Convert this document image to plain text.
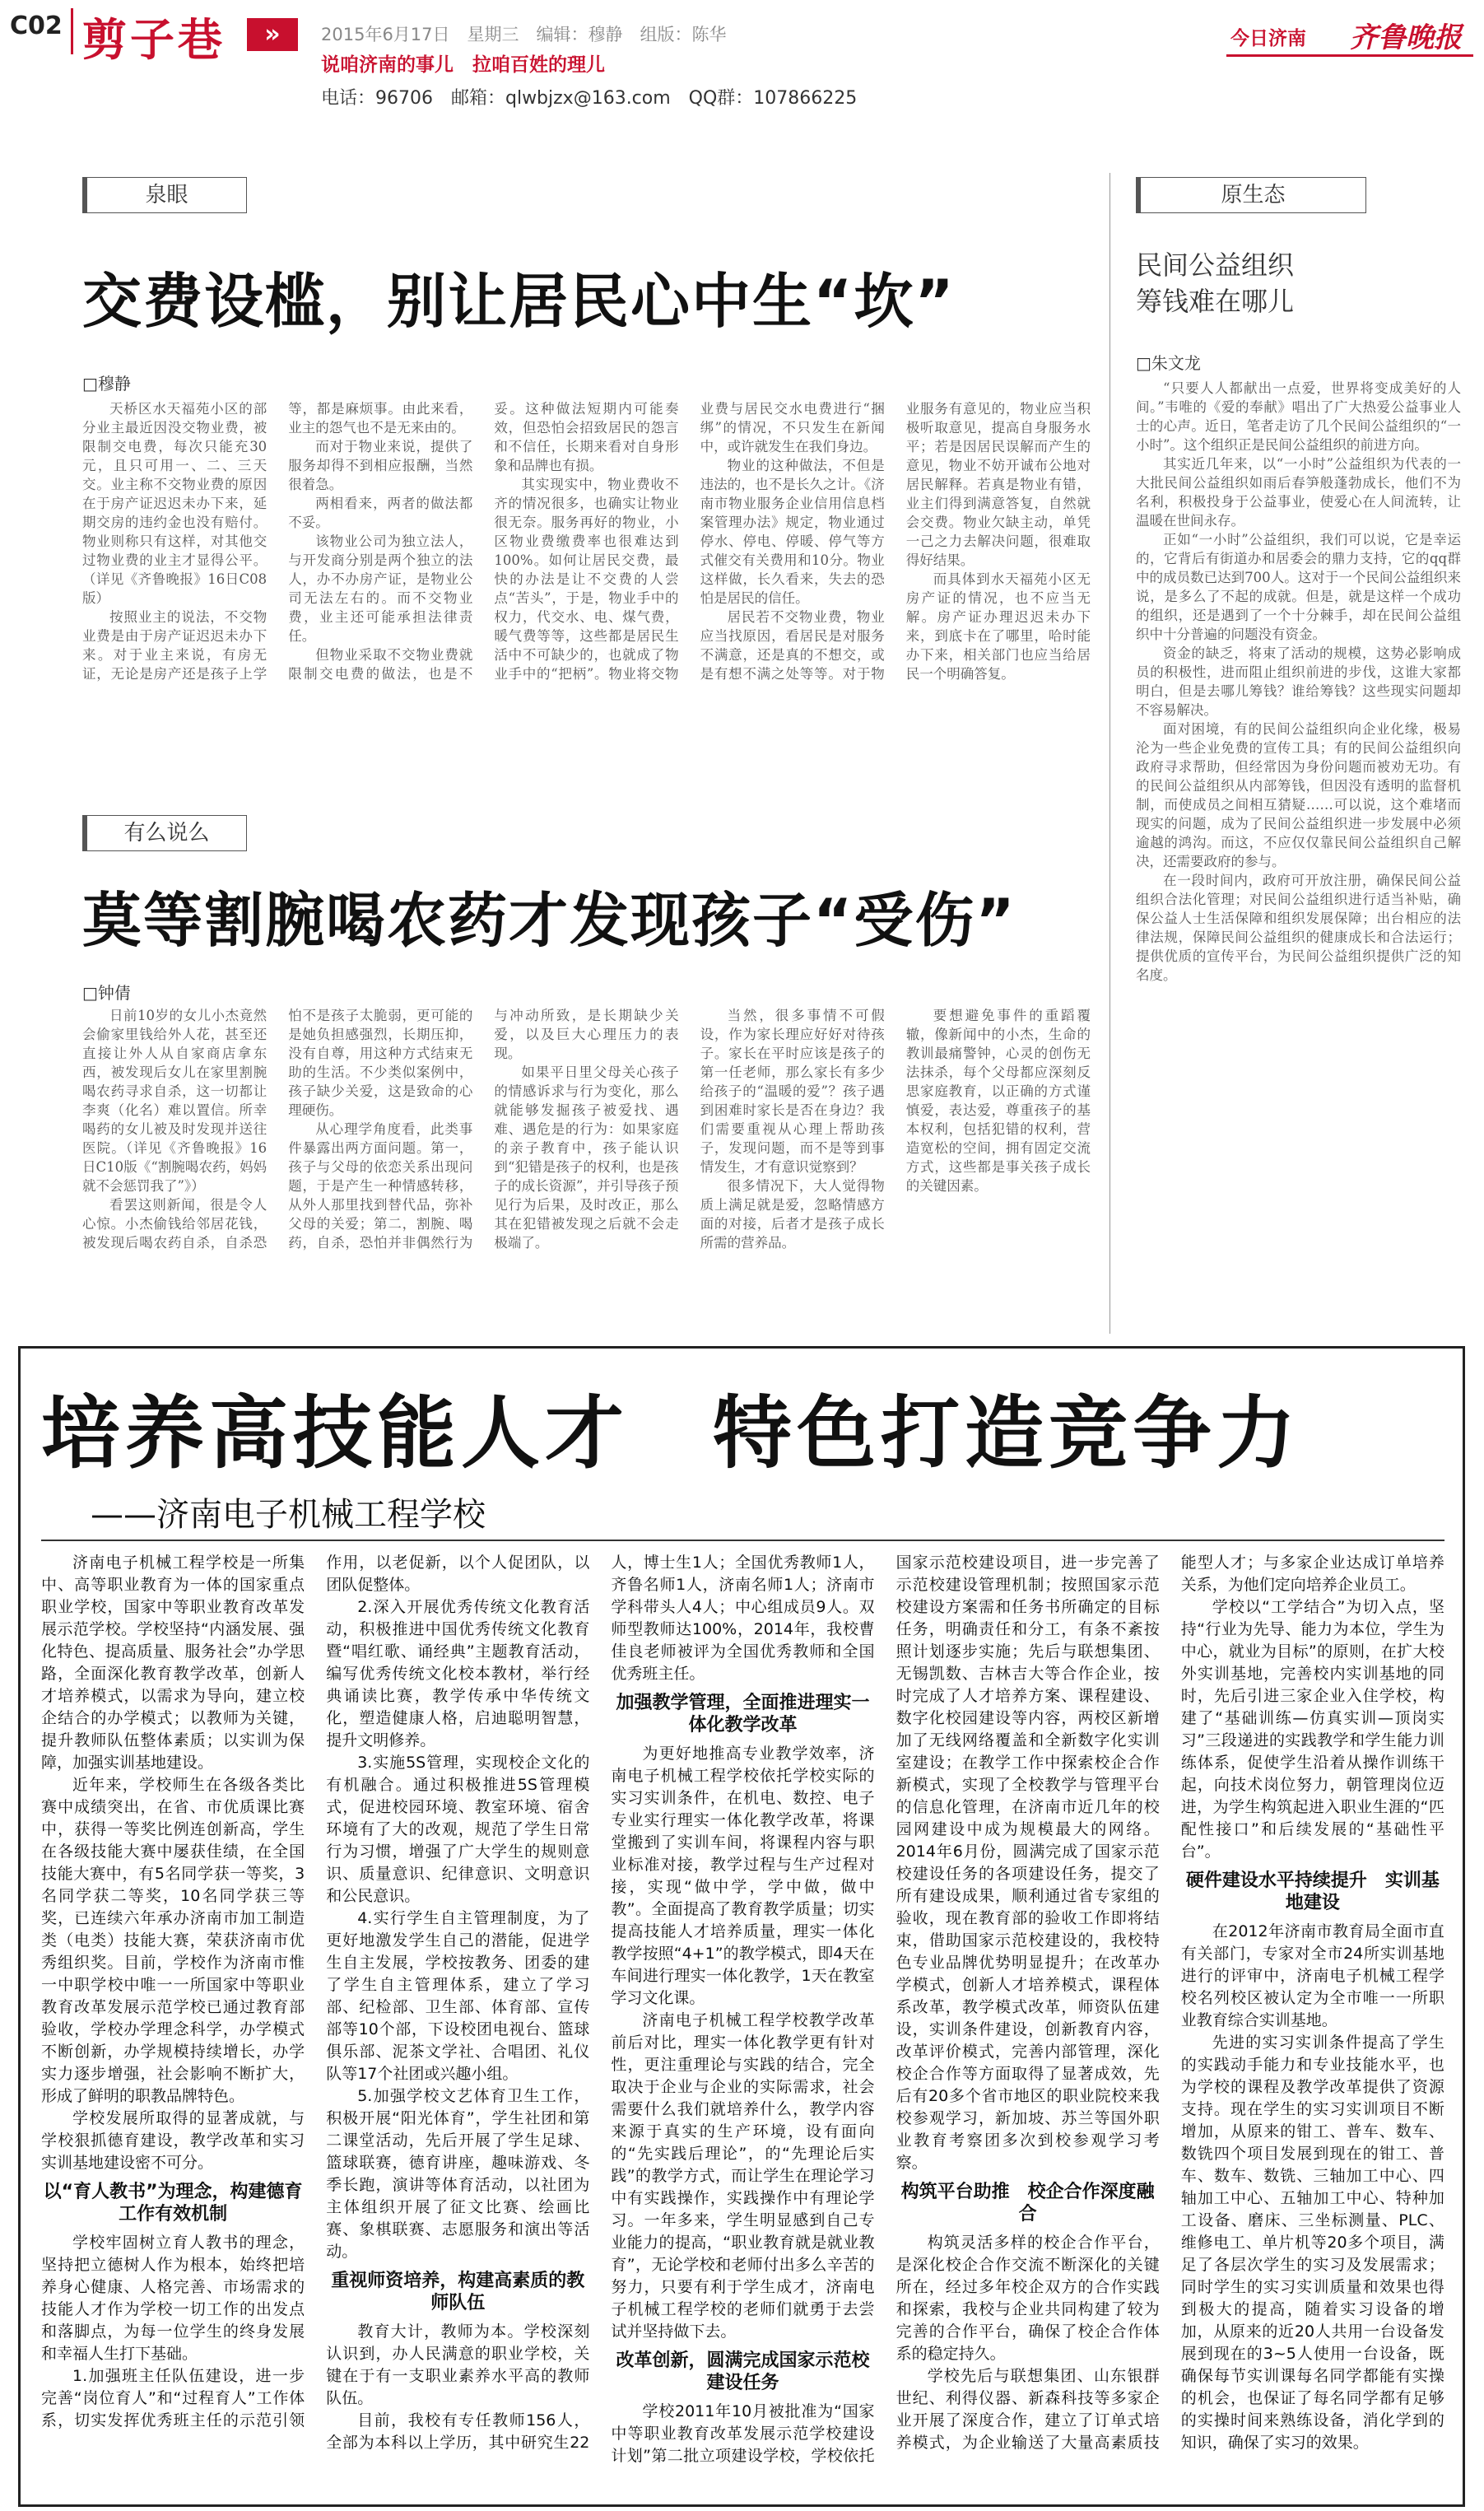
C02 剪子巷	»	2015年6月17日　星期三　编辑：穆静　组版：陈华
说咱济南的事儿　拉咱百姓的理儿
电话：96706　邮箱：qlwbjzx@163.com　QQ群：107866225
今日济南 齐鲁晚报
泉眼
交费设槛，别让居民心中生“坎”
□穆静

天桥区水天福苑小区的部分业主最近因没交物业费，被限制交电费，每次只能充30元，且只可用一、二、三天交。业主称不交物业费的原因在于房产证迟迟未办下来，延期交房的违约金也没有赔付。物业则称只有这样，对其他交过物业费的业主才显得公平。（详见《齐鲁晚报》16日C08版）

按照业主的说法，不交物业费是由于房产证迟迟未办下来。对于业主来说，有房无证，无论是房产还是孩子上学等，都是麻烦事。由此来看，业主的怨气也不是无来由的。

而对于物业来说，提供了服务却得不到相应报酬，当然很着急。

两相看来，两者的做法都不妥。

该物业公司为独立法人，与开发商分别是两个独立的法人，办不办房产证，是物业公司无法左右的。而不交物业费，业主还可能承担法律责任。

但物业采取不交物业费就限制交电费的做法，也是不妥。这种做法短期内可能奏效，但恐怕会招致居民的怨言和不信任，长期来看对自身形象和品牌也有损。

其实现实中，物业费收不齐的情况很多，也确实让物业很无奈。服务再好的物业，小区物业费缴费率也很难达到100%。如何让居民交费，最快的办法是让不交费的人尝点“苦头”，于是，物业手中的权力，代交水、电、煤气费，暖气费等等，这些都是居民生活中不可缺少的，也就成了物业手中的“把柄”。物业将交物业费与居民交水电费进行“捆绑”的情况，不只发生在新闻中，或许就发生在我们身边。

物业的这种做法，不但是违法的，也不是长久之计。《济南市物业服务企业信用信息档案管理办法》规定，物业通过停水、停电、停暖、停气等方式催交有关费用和10分。物业这样做，长久看来，失去的恐怕是居民的信任。

居民若不交物业费，物业应当找原因，看居民是对服务不满意，还是真的不想交，或是有想不满之处等等。对于物业服务有意见的，物业应当积极听取意见，提高自身服务水平；若是因居民误解而产生的意见，物业不妨开诚布公地对居民解释。若真是物业有错，业主们得到满意答复，自然就会交费。物业欠缺主动，单凭一己之力去解决问题，很难取得好结果。

而具体到水天福苑小区无房产证的情况，也不应当无解。房产证办理迟迟未办下来，到底卡在了哪里，哈时能办下来，相关部门也应当给居民一个明确答复。

有么说么
莫等割腕喝农药才发现孩子“受伤”
□钟倩

日前10岁的女儿小杰竟然会偷家里钱给外人花，甚至还直接让外人从自家商店拿东西，被发现后女儿在家里割腕喝农药寻求自杀，这一切都让李爽（化名）难以置信。所幸喝药的女儿被及时发现并送往医院。（详见《齐鲁晚报》16日C10版《“割腕喝农药，妈妈就不会惩罚我了”》）

看罢这则新闻，很是令人心惊。小杰偷钱给邻居花钱，被发现后喝农药自杀，自杀恐怕不是孩子太脆弱，更可能的是她负担感强烈，长期压抑，没有自尊，用这种方式结束无助的生活。不少类似案例中，孩子缺少关爱，这是致命的心理硬伤。

从心理学角度看，此类事件暴露出两方面问题。第一，孩子与父母的依恋关系出现问题，于是产生一种情感转移，从外人那里找到替代品，弥补父母的关爱；第二，割腕、喝药，自杀，恐怕并非偶然行为与冲动所致，是长期缺少关爱，以及巨大心理压力的表现。

如果平日里父母关心孩子的情感诉求与行为变化，那么就能够发掘孩子被爱找、遇难、遇危是的行为：如果家庭的亲子教育中，孩子能认识到“犯错是孩子的权利，也是孩子的成长资源”，并引导孩子预见行为后果，及时改正，那么其在犯错被发现之后就不会走极端了。

当然，很多事情不可假设，作为家长理应好好对待孩子。家长在平时应该是孩子的第一任老师，那么家长有多少给孩子的“温暖的爱”？孩子遇到困难时家长是否在身边？我们需要重视从心理上帮助孩子，发现问题，而不是等到事情发生，才有意识觉察到？

很多情况下，大人觉得物质上满足就是爱，忽略情感方面的对接，后者才是孩子成长所需的营养品。

要想避免事件的重蹈覆辙，像新闻中的小杰，生命的教训最痛警钟，心灵的创伤无法抹杀，每个父母都应深刻反思家庭教育，以正确的方式谨慎爱，表达爱，尊重孩子的基本权利，包括犯错的权利，营造宽松的空间，拥有固定交流方式，这些都是事关孩子成长的关键因素。

原生态
民间公益组织
筹钱难在哪儿
□朱文龙

“只要人人都献出一点爱，世界将变成美好的人间。”韦唯的《爱的奉献》唱出了广大热爱公益事业人士的心声。近日，笔者走访了几个民间公益组织的“一小时”。这个组织正是民间公益组织的前进方向。

其实近几年来，以“一小时”公益组织为代表的一大批民间公益组织如雨后春笋般蓬勃成长，他们不为名利，积极投身于公益事业，使爱心在人间流转，让温暖在世间永存。

正如“一小时”公益组织，我们可以说，它是幸运的，它背后有街道办和居委会的鼎力支持，它的qq群中的成员数已达到700人。这对于一个民间公益组织来说，是多么了不起的成就。但是，就是这样一个成功的组织，还是遇到了一个十分棘手，却在民间公益组织中十分普遍的问题没有资金。

资金的缺乏，将束了活动的规模，这势必影响成员的积极性，进而阻止组织前进的步伐，这谁大家都明白，但是去哪儿筹钱？谁给筹钱？这些现实问题却不容易解决。

面对困境，有的民间公益组织向企业化缘，极易沦为一些企业免费的宣传工具；有的民间公益组织向政府寻求帮助，但经常因为身份问题而被劝无功。有的民间公益组织从内部筹钱，但因没有透明的监督机制，而使成员之间相互猜疑……可以说，这个难堵而现实的问题，成为了民间公益组织进一步发展中必须逾越的鸿沟。而这，不应仅仅靠民间公益组织自己解决，还需要政府的参与。

在一段时间内，政府可开放注册，确保民间公益组织合法化管理；对民间公益组织进行适当补贴，确保公益人士生活保障和组织发展保障；出台相应的法律法规，保障民间公益组织的健康成长和合法运行；提供优质的宣传平台，为民间公益组织提供广泛的知名度。

培养高技能人才　特色打造竞争力
——济南电子机械工程学校

济南电子机械工程学校是一所集中、高等职业教育为一体的国家重点职业学校，国家中等职业教育改革发展示范学校。学校坚持“内涵发展、强化特色、提高质量、服务社会”办学思路，全面深化教育教学改革，创新人才培养模式，以需求为导向，建立校企结合的办学模式；以教师为关键，提升教师队伍整体素质；以实训为保障，加强实训基地建设。

近年来，学校师生在各级各类比赛中成绩突出，在省、市优质课比赛中，获得一等奖比例连创新高，学生在各级技能大赛中屡获佳绩，在全国技能大赛中，有5名同学获一等奖，3名同学获二等奖，10名同学获三等奖，已连续六年承办济南市加工制造类（电类）技能大赛，荣获济南市优秀组织奖。目前，学校作为济南市惟一中职学校中唯一一所国家中等职业教育改革发展示范学校已通过教育部验收，学校办学理念科学，办学模式不断创新，办学规模持续增长，办学实力逐步增强，社会影响不断扩大，形成了鲜明的职教品牌特色。

学校发展所取得的显著成就，与学校狠抓德育建设，教学改革和实习实训基地建设密不可分。

以“育人教书”为理念，构建德育工作有效机制

学校牢固树立育人教书的理念，坚持把立德树人作为根本，始终把培养身心健康、人格完善、市场需求的技能人才作为学校一切工作的出发点和落脚点，为每一位学生的终身发展和幸福人生打下基础。

1.加强班主任队伍建设，进一步完善“岗位育人”和“过程育人”工作体系，切实发挥优秀班主任的示范引领作用，以老促新，以个人促团队，以团队促整体。

2.深入开展优秀传统文化教育活动，积极推进中国优秀传统文化教育暨“唱红歌、诵经典”主题教育活动，编写优秀传统文化校本教材，举行经典诵读比赛，教学传承中华传统文化，塑造健康人格，启迪聪明智慧，提升文明修养。

3.实施5S管理，实现校企文化的有机融合。通过积极推进5S管理模式，促进校园环境、教室环境、宿舍环境有了大的改观，规范了学生日常行为习惯，增强了广大学生的规则意识、质量意识、纪律意识、文明意识和公民意识。

4.实行学生自主管理制度，为了更好地激发学生自己的潜能，促进学生自主发展，学校按教务、团委的建了学生自主管理体系，建立了学习部、纪检部、卫生部、体育部、宣传部等10个部，下设校团电视台、篮球俱乐部、泥茶文学社、合唱团、礼仪队等17个社团或兴趣小组。

5.加强学校文艺体育卫生工作，积极开展“阳光体育”，学生社团和第二课堂活动，先后开展了学生足球、篮球联赛，德育讲座，趣味游戏、冬季长跑，演讲等体育活动，以社团为主体组织开展了征文比赛、绘画比赛、象棋联赛、志愿服务和演出等活动。

重视师资培养，构建高素质的教师队伍

教育大计，教师为本。学校深刻认识到，办人民满意的职业学校，关键在于有一支职业素养水平高的教师队伍。

目前，我校有专任教师156人，全部为本科以上学历，其中研究生22人，博士生1人；全国优秀教师1人，齐鲁名师1人，济南名师1人；济南市学科带头人4人；中心组成员9人。双师型教师达100%，2014年，我校曹佳良老师被评为全国优秀教师和全国优秀班主任。

加强教学管理，全面推进理实一体化教学改革

为更好地推高专业教学效率，济南电子机械工程学校依托学校实际的实习实训条件，在机电、数控、电子专业实行理实一体化教学改革，将课堂搬到了实训车间，将课程内容与职业标准对接，教学过程与生产过程对接，实现“做中学，学中做，做中教”。全面提高了教育教学质量；切实提高技能人才培养质量，理实一体化教学按照“4+1”的教学模式，即4天在车间进行理实一体化教学，1天在教室学习文化课。

济南电子机械工程学校教学改革前后对比，理实一体化教学更有针对性，更注重理论与实践的结合，完全取决于企业与企业的实际需求，社会需要什么我们就培养什么，教学内容来源于真实的生产环境，设有面向的“先实践后理论”，的“先理论后实践”的教学方式，而让学生在理论学习中有实践操作，实践操作中有理论学习。一年多来，学生明显感到自己专业能力的提高，“职业教育就是就业教育”，无论学校和老师付出多么辛苦的努力，只要有利于学生成才，济南电子机械工程学校的老师们就勇于去尝试并坚持做下去。

改革创新，圆满完成国家示范校建设任务

学校2011年10月被批准为“国家中等职业教育改革发展示范学校建设计划”第二批立项建设学校，学校依托国家示范校建设项目，进一步完善了示范校建设管理机制；按照国家示范校建设方案需和任务书所确定的目标任务，明确责任和分工，有条不紊按照计划逐步实施；先后与联想集团、无锡凯数、吉林吉大等合作企业，按时完成了人才培养方案、课程建设、数字化校园建设等内容，两校区新增加了无线网络覆盖和全新数字化实训室建设；在教学工作中探索校企合作新模式，实现了全校教学与管理平台的信息化管理，在济南市近几年的校园网建设中成为规模最大的网络。2014年6月份，圆满完成了国家示范校建设任务的各项建设任务，提交了所有建设成果，顺利通过省专家组的验收，现在教育部的验收工作即将结束，借助国家示范校建设的，我校特色专业品牌优势明显提升；在改革办学模式，创新人才培养模式，课程体系改革，教学模式改革，师资队伍建设，实训条件建设，创新教育内容，改革评价模式，完善内部管理，深化校企合作等方面取得了显著成效，先后有20多个省市地区的职业院校来我校参观学习，新加坡、苏兰等国外职业教育考察团多次到校参观学习考察。

构筑平台助推　校企合作深度融合

构筑灵活多样的校企合作平台，是深化校企合作交流不断深化的关键所在，经过多年校企双方的合作实践和探索，我校与企业共同构建了较为完善的合作平台，确保了校企合作体系的稳定持久。

学校先后与联想集团、山东银群世纪、利得仪器、新森科技等多家企业开展了深度合作，建立了订单式培养模式，为企业输送了大量高素质技能型人才；与多家企业达成订单培养关系，为他们定向培养企业员工。

学校以“工学结合”为切入点，坚持“行业为先导、能力为本位，学生为中心，就业为目标”的原则，在扩大校外实训基地，完善校内实训基地的同时，先后引进三家企业入住学校，构建了“基础训练—仿真实训—顶岗实习”三段递进的实践教学和学生能力训练体系，促使学生沿着从操作训练干起，向技术岗位努力，朝管理岗位迈进，为学生构筑起进入职业生涯的“匹配性接口”和后续发展的“基础性平台”。

硬件建设水平持续提升　实训基地建设

在2012年济南市教育局全面市直有关部门，专家对全市24所实训基地进行的评审中，济南电子机械工程学校名列校区被认定为全市唯一一所职业教育综合实训基地。

先进的实习实训条件提高了学生的实践动手能力和专业技能水平，也为学校的课程及教学改革提供了资源支持。现在学生的实习实训项目不断增加，从原来的钳工、普车、数车、数铣四个项目发展到现在的钳工、普车、数车、数铣、三轴加工中心、四轴加工中心、五轴加工中心、特种加工设备、磨床、三坐标测量、PLC、维修电工、单片机等20多个项目，满足了各层次学生的实习及发展需求；同时学生的实习实训质量和效果也得到极大的提高，随着实习设备的增加，从原来的近20人共用一台设备发展到现在的3~5人使用一台设备，既确保每节实训课每名同学都能有实操的机会，也保证了每名同学都有足够的实操时间来熟练设备，消化学到的知识，确保了实习的效果。
